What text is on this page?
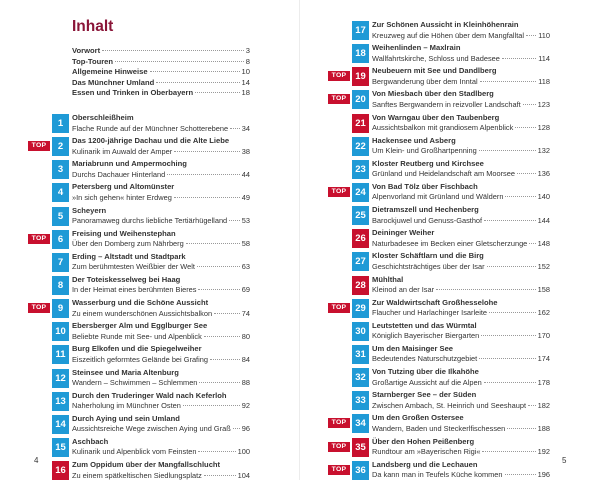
Inhalt
Vorwort	3
Top-Touren	8
Allgemeine Hinweise	10
Das Münchner Umland	14
Essen und Trinken in Oberbayern	18
1
Oberschleißheim
Flache Runde auf der Münchner Schotterebene 34
TOP	2
Das 1200-jährige Dachau und die Alte Liebe
Kulinarik im Auwald der Amper	38
3
Mariabrunn und Ampermoching
Durchs Dachauer Hinterland	44
4
Petersberg und Altomünster
»In sich gehen« hinter Erdweg	49
5
Scheyern
Panoramaweg durchs liebliche Tertiärhügelland 53
TOP	6
Freising und Weihenstephan
Über den Domberg zum Nährberg	58
7
Erding – Altstadt und Stadtpark
Zum berühmtesten Weißbier der Welt	63
8
Der Toteiskesselweg bei Haag
In der Heimat eines berühmten Bieres	69
TOP	9
Wasserburg und die Schöne Aussicht
Zu einem wunderschönen Aussichtsbalkon	74
10
Ebersberger Alm und Egglburger See
Beliebte Runde mit See- und Alpenblick	80
11
Burg Elkofen und die Spiegelweiher
Eiszeitlich geformtes Gelände bei Grafing	84
12
Steinsee und Maria Altenburg
Wandern – Schwimmen – Schlemmen	88
13
Durch den Truderinger Wald nach Keferloh
Naherholung im Münchner Osten	92
14
Durch Aying und sein Umland
Aussichtsreiche Wege zwischen Aying und Graß 96
15
Aschbach
Kulinarik und Alpenblick vom Feinsten	100
16
Zum Oppidum über der Mangfallschlucht
Zu einem spätkeltischen Siedlungsplatz	104
4
17
Zur Schönen Aussicht in Kleinhöhenrain
Kreuzweg auf die Höhen über dem Mangfalltal 110
18
Weihenlinden – Maxlrain
Wallfahrtskirche, Schloss und Badesee	114
TOP 19
Neubeuern mit See und Dandlberg
Bergwanderung über dem Inntal	118
TOP 20
Von Miesbach über den Stadlberg
Sanftes Bergwandern in reizvoller Landschaft 123
21
Von Warngau über den Taubenberg
Aussichtsbalkon mit grandiosem Alpenblick	128
22
Hackensee und Asberg
Um Klein- und Großhartpenning	132
23
Kloster Reutberg und Kirchsee
Grünland und Heidelandschaft am Moorsee	136
TOP 24
Von Bad Tölz über Fischbach
Alpenvorland mit Grünland und Wäldern	140
25
Dietramszell und Hechenberg
Barockjuwel und Genuss-Gasthof	144
26
Deininger Weiher
Naturbadesee im Becken einer Gletscherzunge 148
27
Kloster Schäftlarn und die Birg
Geschichtsträchtiges über der Isar	152
28
Mühlthal
Kleinod an der Isar	158
TOP 29
Zur Waldwirtschaft Großhesselohe
Flaucher und Harlachinger Isarleite	162
30
Leutstetten und das Würmtal
Königlich Bayerischer Biergarten	170
31
Um den Maisinger See
Bedeutendes Naturschutzgebiet	174
32
Von Tutzing über die Ilkahöhe
Großartige Aussicht auf die Alpen	178
33
Starnberger See – der Süden
Zwischen Ambach, St. Heinrich und Seeshaupt 182
TOP 34
Um den Großen Ostersee
Wandern, Baden und Steckerlfischessen	188
TOP 35
Über den Hohen Peißenberg
Rundtour am »Bayerischen Rigi«	192
TOP 36
Landsberg und die Lechauen
Da kann man in Teufels Küche kommen	196
5
